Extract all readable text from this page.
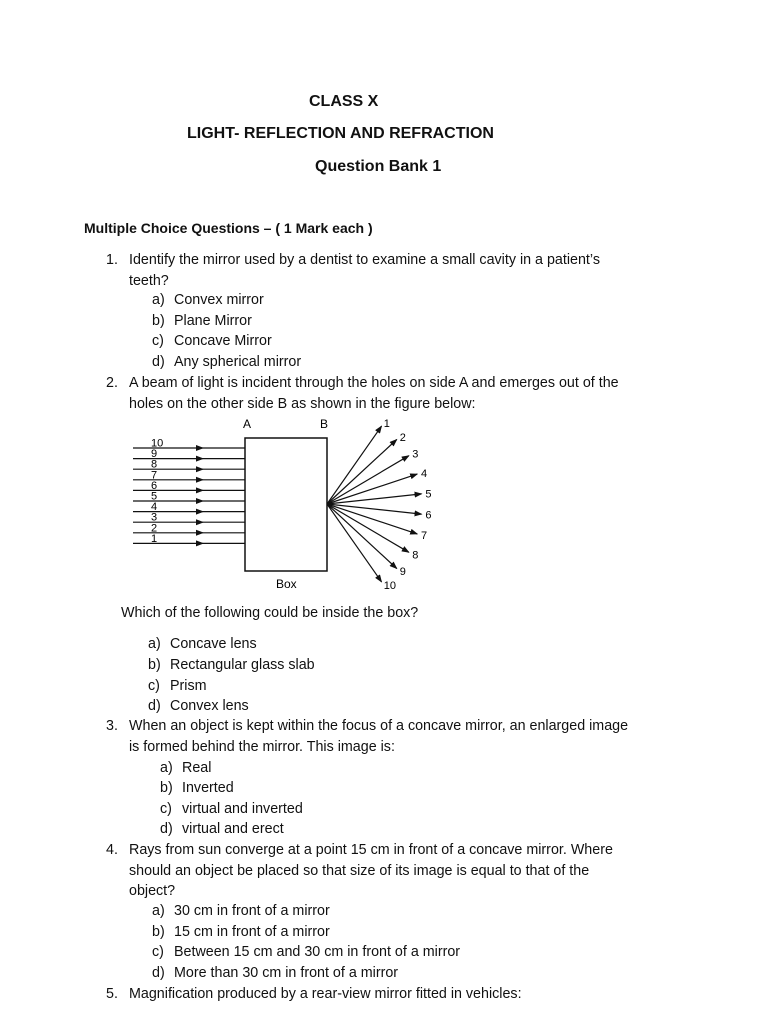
CLASS X
LIGHT- REFLECTION AND REFRACTION
Question Bank 1
Multiple Choice Questions – ( 1 Mark each )
1. Identify the mirror used by a dentist to examine a small cavity in a patient’s
teeth?
a) Convex mirror
b) Plane Mirror
c) Concave Mirror
d) Any spherical mirror
2. A beam of light is incident through the holes on side A and emerges out of the
holes on the other side B as shown in the figure below:
A	B
Box
10
9
8
7
6
5
4
3
2
1
1
2
3
4
5
6
7
8
9
10
Which of the following could be inside the box?
a) Concave lens
b) Rectangular glass slab
c) Prism
d) Convex lens
3. When an object is kept within the focus of a concave mirror, an enlarged image
is formed behind the mirror. This image is:
a) Real
b) Inverted
c) virtual and inverted
d) virtual and erect
4. Rays from sun converge at a point 15 cm in front of a concave mirror. Where
should an object be placed so that size of its image is equal to that of the
object?
a) 30 cm in front of a mirror
b) 15 cm in front of a mirror
c) Between 15 cm and 30 cm in front of a mirror
d) More than 30 cm in front of a mirror
5. Magnification produced by a rear-view mirror fitted in vehicles:
